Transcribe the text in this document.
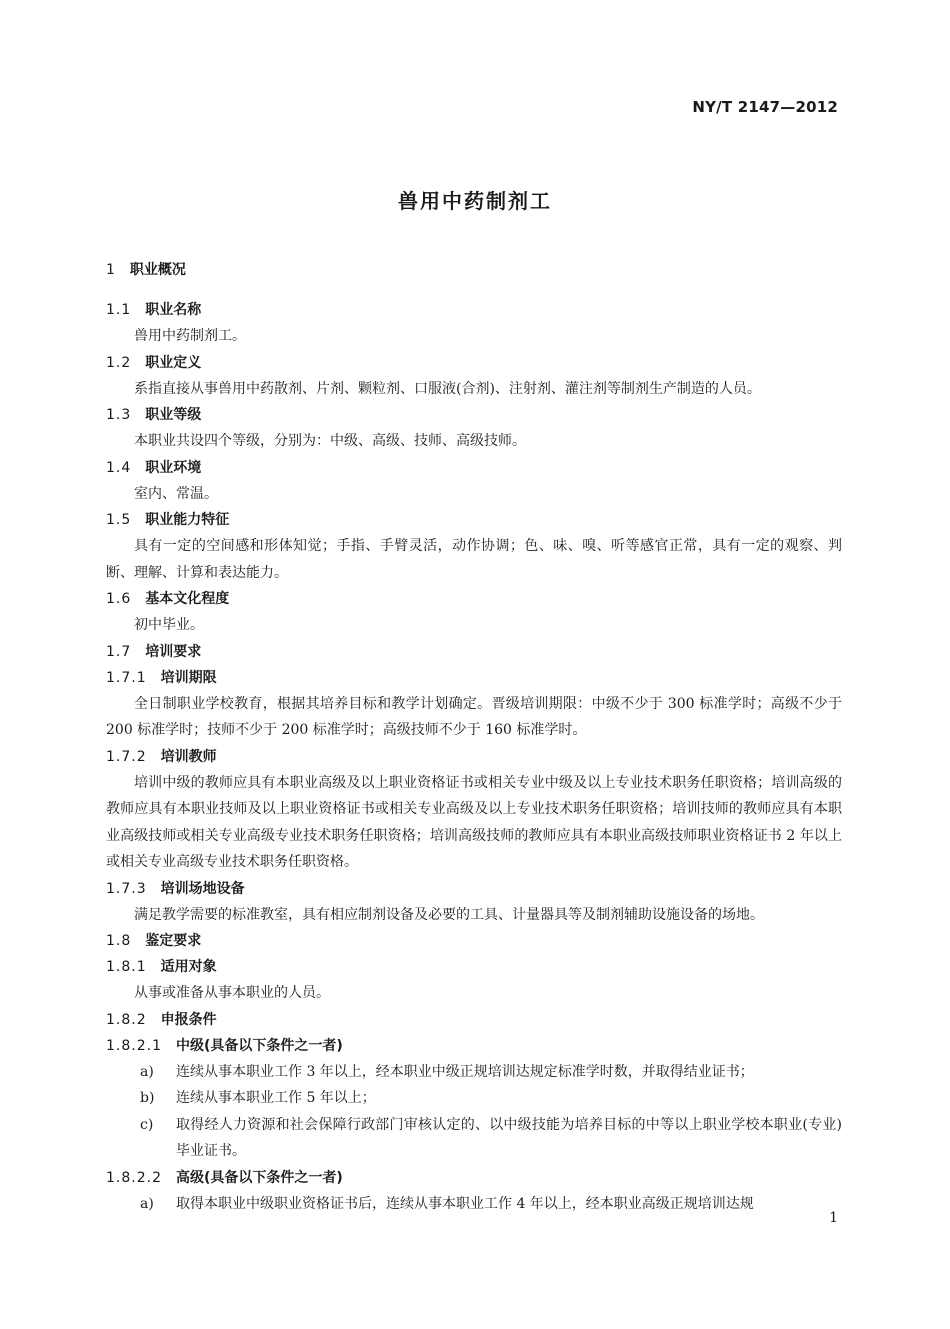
NY/T 2147—2012
兽用中药制剂工
1 职业概况
1.1 职业名称
兽用中药制剂工。
1.2 职业定义
系指直接从事兽用中药散剂、片剂、颗粒剂、口服液(合剂)、注射剂、灌注剂等制剂生产制造的人员。
1.3 职业等级
本职业共设四个等级，分别为：中级、高级、技师、高级技师。
1.4 职业环境
室内、常温。
1.5 职业能力特征
具有一定的空间感和形体知觉；手指、手臂灵活，动作协调；色、味、嗅、听等感官正常，具有一定的观察、判断、理解、计算和表达能力。
1.6 基本文化程度
初中毕业。
1.7 培训要求
1.7.1 培训期限
全日制职业学校教育，根据其培养目标和教学计划确定。晋级培训期限：中级不少于 300 标准学时；高级不少于 200 标准学时；技师不少于 200 标准学时；高级技师不少于 160 标准学时。
1.7.2 培训教师
培训中级的教师应具有本职业高级及以上职业资格证书或相关专业中级及以上专业技术职务任职资格；培训高级的教师应具有本职业技师及以上职业资格证书或相关专业高级及以上专业技术职务任职资格；培训技师的教师应具有本职业高级技师或相关专业高级专业技术职务任职资格；培训高级技师的教师应具有本职业高级技师职业资格证书 2 年以上或相关专业高级专业技术职务任职资格。
1.7.3 培训场地设备
满足教学需要的标准教室，具有相应制剂设备及必要的工具、计量器具等及制剂辅助设施设备的场地。
1.8 鉴定要求
1.8.1 适用对象
从事或准备从事本职业的人员。
1.8.2 申报条件
1.8.2.1 中级(具备以下条件之一者)
a) 连续从事本职业工作 3 年以上，经本职业中级正规培训达规定标准学时数，并取得结业证书；
b) 连续从事本职业工作 5 年以上；
c) 取得经人力资源和社会保障行政部门审核认定的、以中级技能为培养目标的中等以上职业学校本职业(专业)毕业证书。
1.8.2.2 高级(具备以下条件之一者)
a) 取得本职业中级职业资格证书后，连续从事本职业工作 4 年以上，经本职业高级正规培训达规
1
